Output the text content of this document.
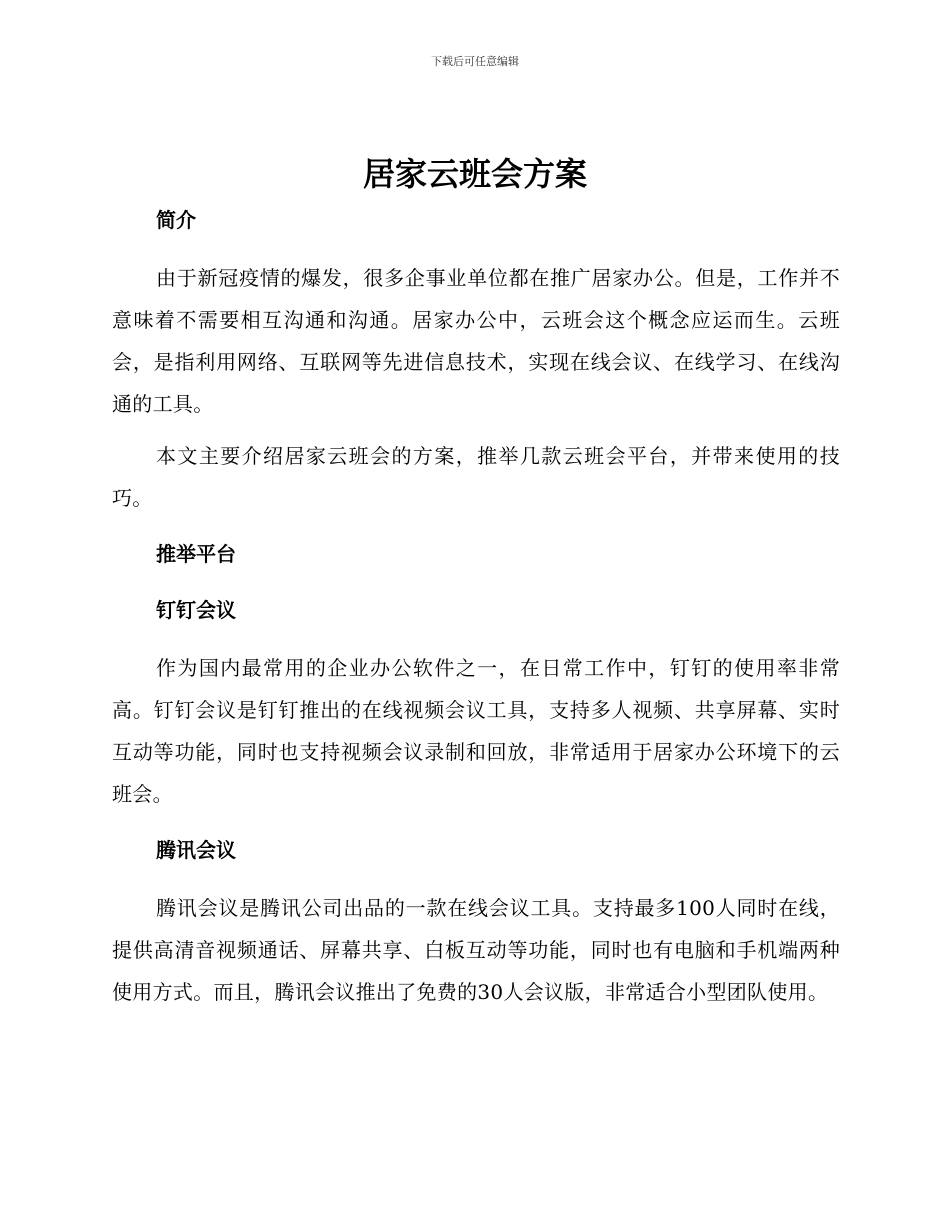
下载后可任意编辑
居家云班会方案
简介

由于新冠疫情的爆发，很多企事业单位都在推广居家办公。但是，工作并不意味着不需要相互沟通和沟通。居家办公中，云班会这个概念应运而生。云班会，是指利用网络、互联网等先进信息技术，实现在线会议、在线学习、在线沟通的工具。

本文主要介绍居家云班会的方案，推举几款云班会平台，并带来使用的技巧。

推举平台
钉钉会议

作为国内最常用的企业办公软件之一，在日常工作中，钉钉的使用率非常高。钉钉会议是钉钉推出的在线视频会议工具，支持多人视频、共享屏幕、实时互动等功能，同时也支持视频会议录制和回放，非常适用于居家办公环境下的云班会。

腾讯会议

腾讯会议是腾讯公司出品的一款在线会议工具。支持最多100人同时在线，提供高清音视频通话、屏幕共享、白板互动等功能，同时也有电脑和手机端两种使用方式。而且，腾讯会议推出了免费的30人会议版，非常适合小型团队使用。
